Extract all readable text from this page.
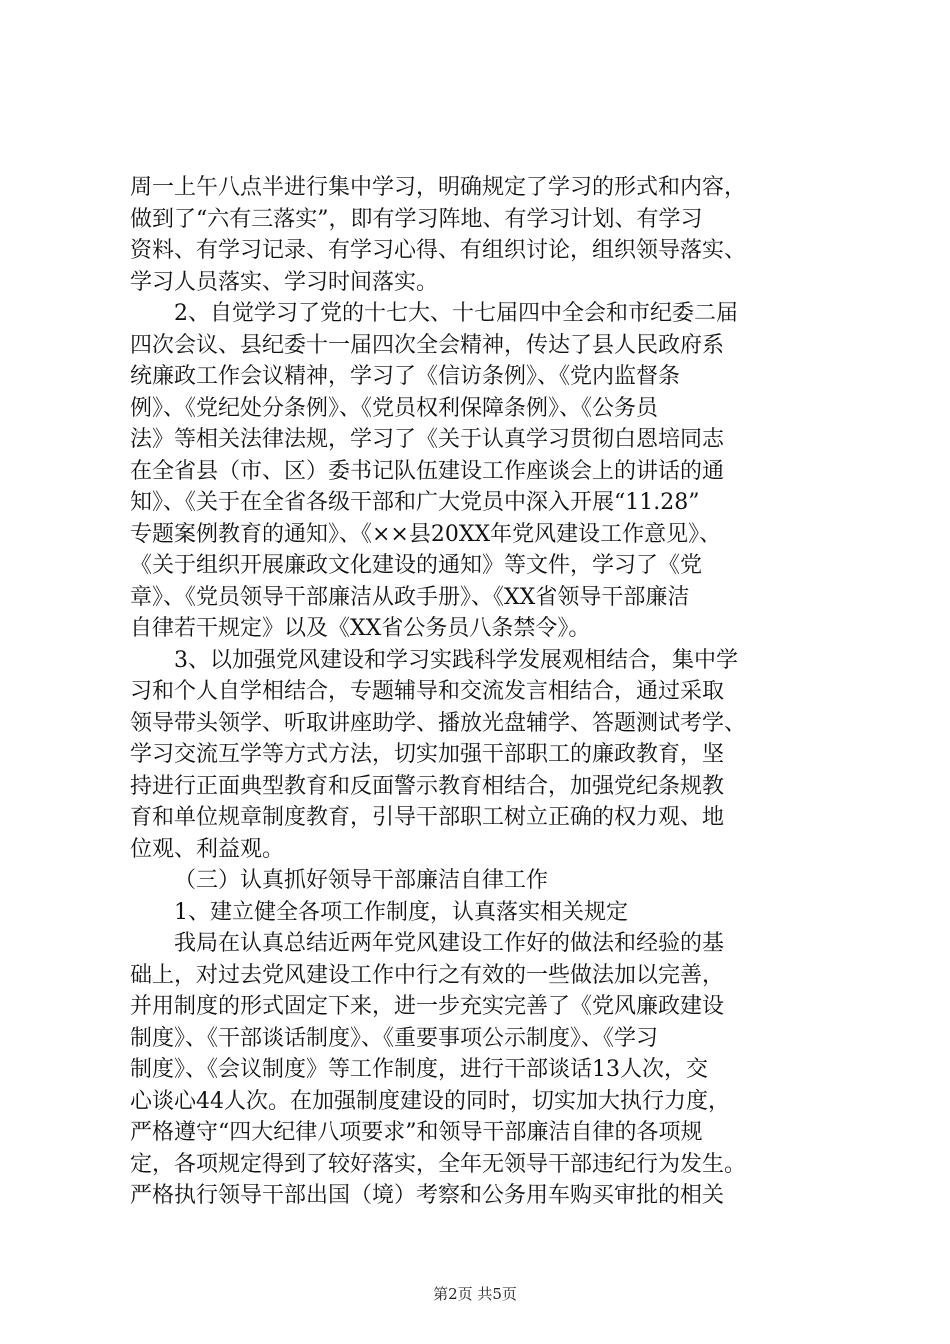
周一上午八点半进行集中学习，明确规定了学习的形式和内容，
做到了“六有三落实”，即有学习阵地、有学习计划、有学习
资料、有学习记录、有学习心得、有组织讨论，组织领导落实、
学习人员落实、学习时间落实。
2、自觉学习了党的十七大、十七届四中全会和市纪委二届
四次会议、县纪委十一届四次全会精神，传达了县人民政府系
统廉政工作会议精神，学习了《信访条例》、《党内监督条
例》、《党纪处分条例》、《党员权利保障条例》、《公务员
法》等相关法律法规，学习了《关于认真学习贯彻白恩培同志
在全省县（市、区）委书记队伍建设工作座谈会上的讲话的通
知》、《关于在全省各级干部和广大党员中深入开展“11.28”
专题案例教育的通知》、《××县20XX年党风建设工作意见》、
《关于组织开展廉政文化建设的通知》等文件，学习了《党
章》、《党员领导干部廉洁从政手册》、《XX省领导干部廉洁
自律若干规定》以及《XX省公务员八条禁令》。
3、以加强党风建设和学习实践科学发展观相结合，集中学
习和个人自学相结合，专题辅导和交流发言相结合，通过采取
领导带头领学、听取讲座助学、播放光盘辅学、答题测试考学、
学习交流互学等方式方法，切实加强干部职工的廉政教育，坚
持进行正面典型教育和反面警示教育相结合，加强党纪条规教
育和单位规章制度教育，引导干部职工树立正确的权力观、地
位观、利益观。
（三）认真抓好领导干部廉洁自律工作
1、建立健全各项工作制度，认真落实相关规定
我局在认真总结近两年党风建设工作好的做法和经验的基
础上，对过去党风建设工作中行之有效的一些做法加以完善，
并用制度的形式固定下来，进一步充实完善了《党风廉政建设
制度》、《干部谈话制度》、《重要事项公示制度》、《学习
制度》、《会议制度》等工作制度，进行干部谈话13人次，交
心谈心44人次。在加强制度建设的同时，切实加大执行力度，
严格遵守“四大纪律八项要求”和领导干部廉洁自律的各项规
定，各项规定得到了较好落实，全年无领导干部违纪行为发生。
严格执行领导干部出国（境）考察和公务用车购买审批的相关
第2页 共5页
